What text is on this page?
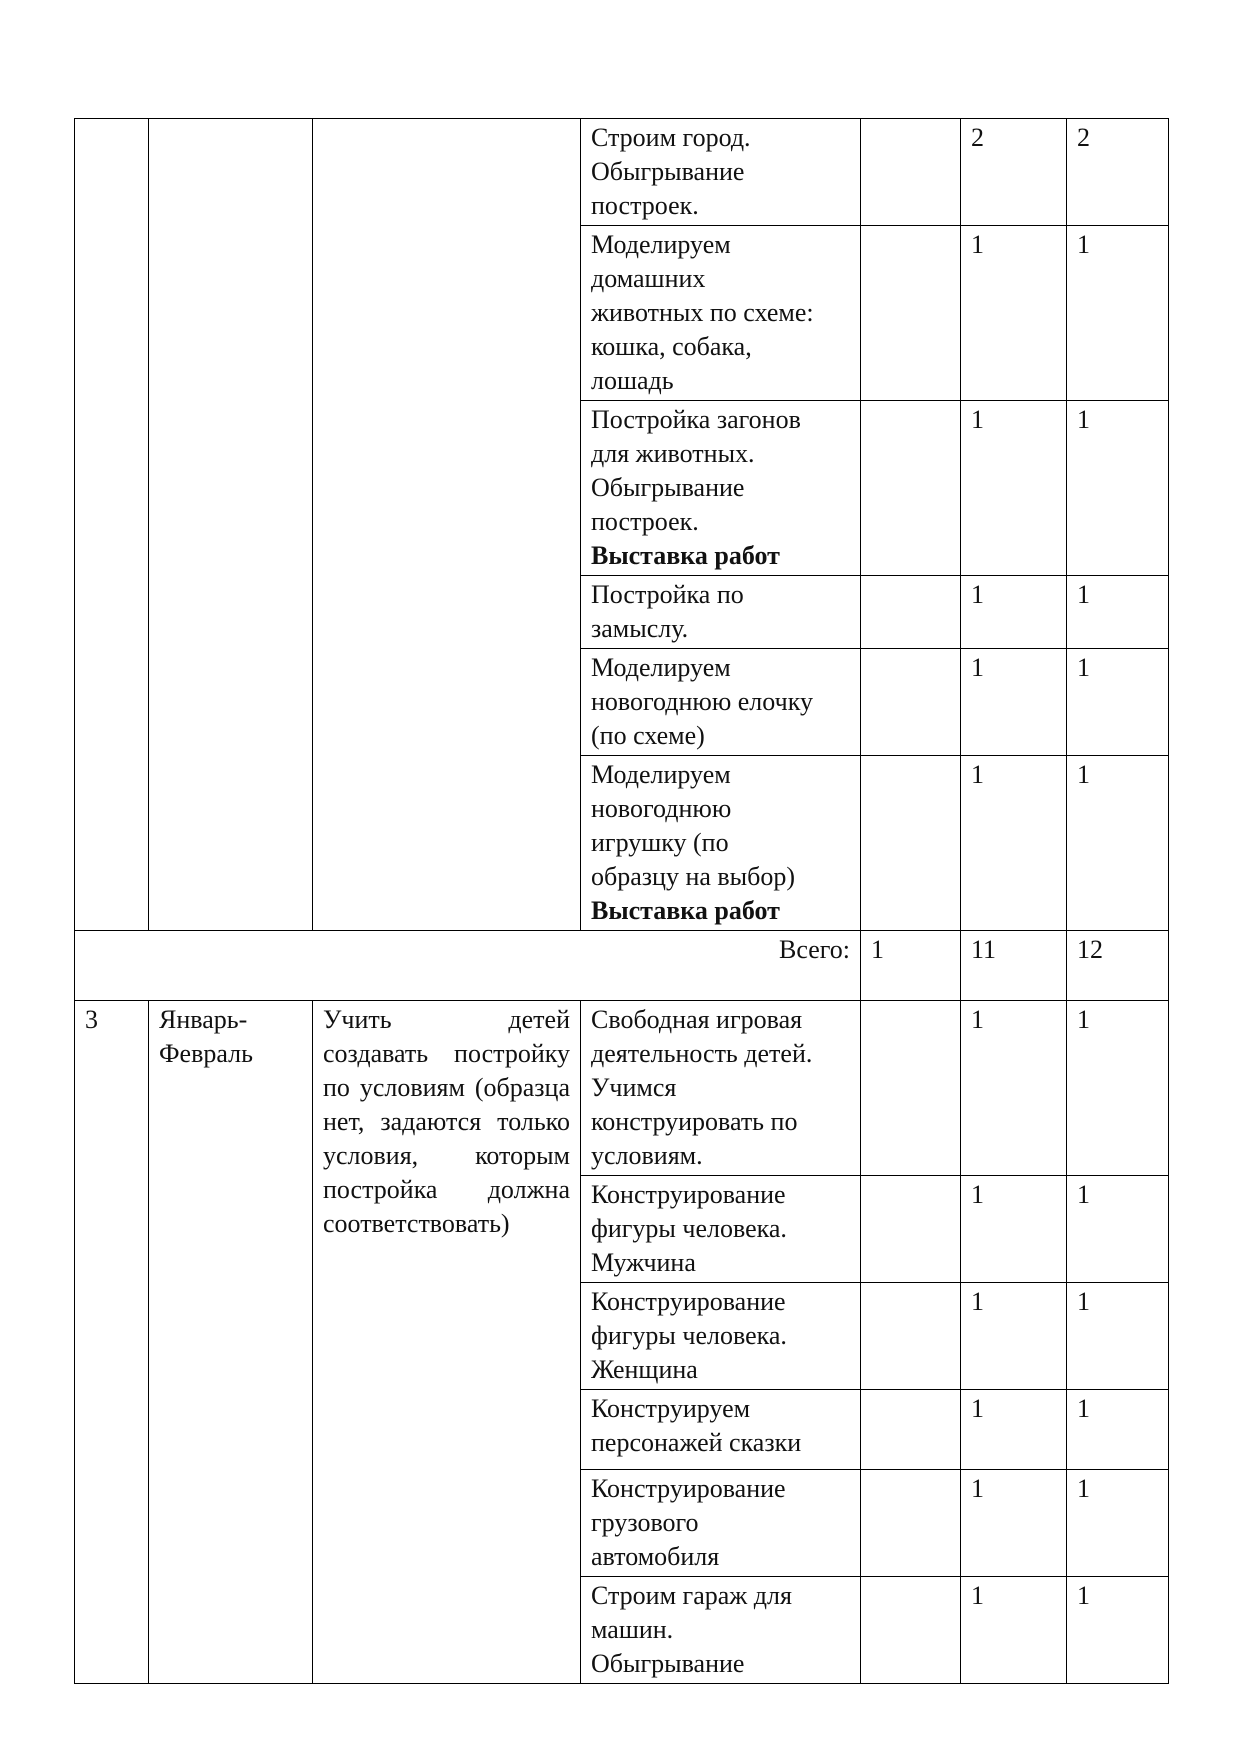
			Строим город.
Обыгрывание
построек.		2	2

			Моделируем
домашних
животных по схеме:
кошка, собака,
лошадь		1	1

			Постройка загонов
для животных.
Обыгрывание
построек.
Выставка работ		1	1

			Постройка по
замыслу.		1	1

			Моделируем
новогоднюю елочку
(по схеме)		1	1

			Моделируем
новогоднюю
игрушку (по
образцу на выбор)
Выставка работ		1	1
Всего:				1	11	12
3	Январь-Февраль	Учить детей создавать постройку по условиям (образца нет, задаются только условия, которым постройка должна соответствовать)	Свободная игровая
деятельность детей.
Учимся
конструировать по
условиям.		1	1

			Конструирование
фигуры человека.
Мужчина		1	1

			Конструирование
фигуры человека.
Женщина		1	1

			Конструируем
персонажей сказки		1	1

			Конструирование
грузового
автомобиля		1	1

			Строим гараж для
машин.
Обыгрывание		1	1
